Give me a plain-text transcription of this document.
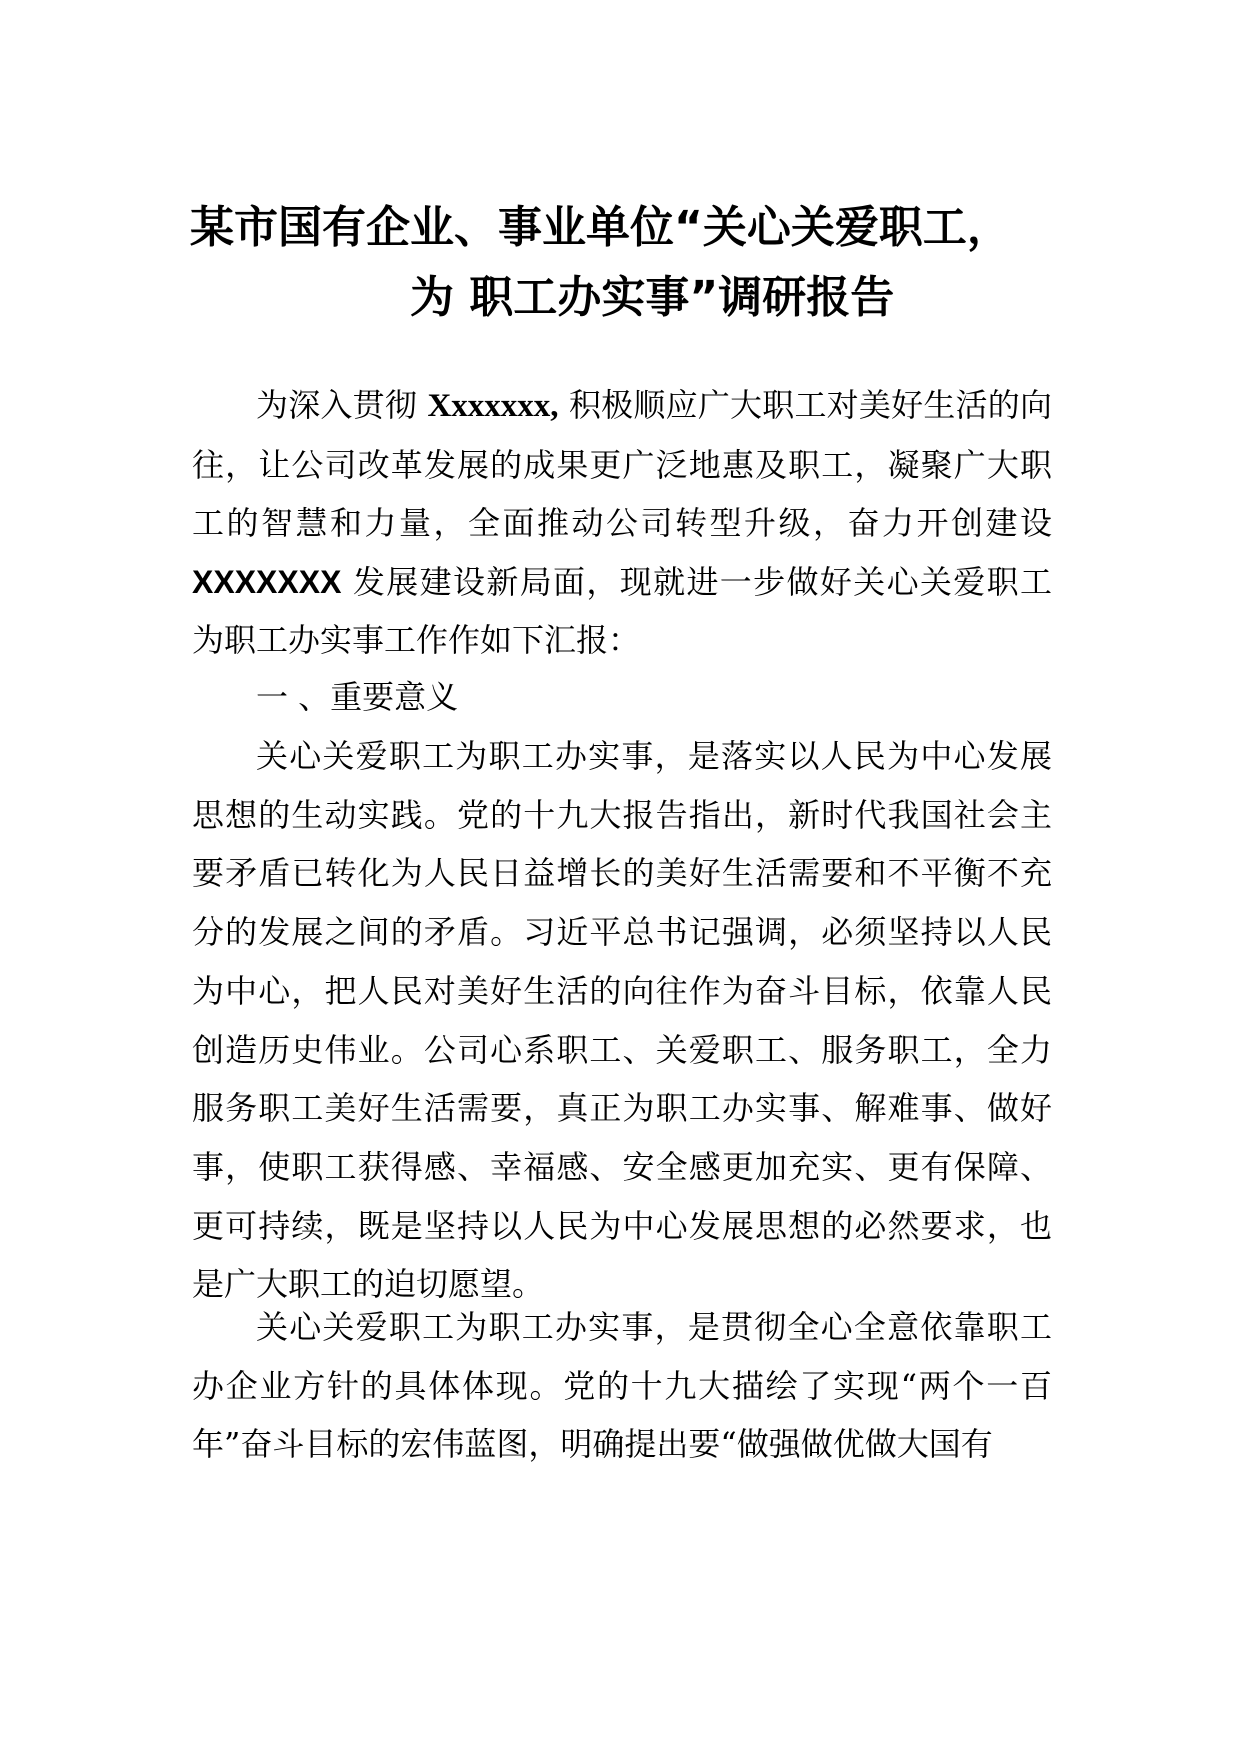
某市国有企业、事业单位“关心关爱职工，
为 职工办实事”调研报告

为深入贯彻 Xxxxxxx, 积极顺应广大职工对美好生活的向往，让公司改革发展的成果更广泛地惠及职工，凝聚广大职工的智慧和力量，全面推动公司转型升级，奋力开创建设XXXXXXX 发展建设新局面，现就进一步做好关心关爱职工为职工办实事工作作如下汇报：

一 、重要意义

关心关爱职工为职工办实事，是落实以人民为中心发展思想的生动实践。党的十九大报告指出，新时代我国社会主要矛盾已转化为人民日益增长的美好生活需要和不平衡不充分的发展之间的矛盾。习近平总书记强调，必须坚持以人民为中心，把人民对美好生活的向往作为奋斗目标，依靠人民创造历史伟业。公司心系职工、关爱职工、服务职工，全力服务职工美好生活需要，真正为职工办实事、解难事、做好事，使职工获得感、幸福感、安全感更加充实、更有保障、更可持续，既是坚持以人民为中心发展思想的必然要求，也是广大职工的迫切愿望。

关心关爱职工为职工办实事，是贯彻全心全意依靠职工办企业方针的具体体现。党的十九大描绘了实现“两个一百年”奋斗目标的宏伟蓝图，明确提出要“做强做优做大国有
